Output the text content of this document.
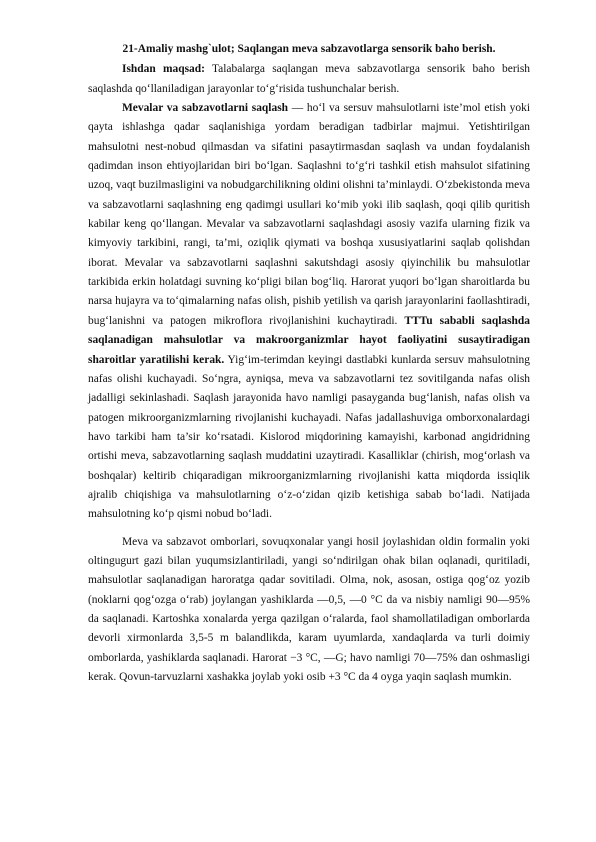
21-Amaliy mashg`ulot; Saqlangan meva sabzavotlarga sensorik baho berish.

Ishdan maqsad: Talabalarga saqlangan meva sabzavotlarga sensorik baho berish saqlashda qo‘llaniladigan jarayonlar to‘g‘risida tushunchalar berish.

Mevalar va sabzavotlarni saqlash — ho‘l va sersuv mahsulotlarni iste’mol etish yoki qayta ishlashga qadar saqlanishiga yordam beradigan tadbirlar majmui. Yetishtirilgan mahsulotni nest-nobud qilmasdan va sifatini pasaytirmasdan saqlash va undan foydalanish qadimdan inson ehtiyojlaridan biri bo‘lgan. Saqlashni to‘g‘ri tashkil etish mahsulot sifatining uzoq, vaqt buzilmasligini va nobudgarchilikning oldini olishni ta’minlaydi. O‘zbekistonda meva va sabzavotlarni saqlashning eng qadimgi usullari ko‘mib yoki ilib saqlash, qoqi qilib quritish kabilar keng qo‘llangan. Mevalar va sabzavotlarni saqlashdagi asosiy vazifa ularning fizik va kimyoviy tarkibini, rangi, ta’mi, oziqlik qiymati va boshqa xususiyatlarini saqlab qolishdan iborat. Mevalar va sabzavotlarni saqlashni sakutshdagi asosiy qiyinchilik bu mahsulotlar tarkibida erkin holatdagi suvning ko‘pligi bilan bog‘liq. Harorat yuqori bo‘lgan sharoitlarda bu narsa hujayra va to‘qimalarning nafas olish, pishib yetilish va qarish jarayonlarini faollashtiradi, bug‘lanishni va patogen mikroflora rivojlanishini kuchaytiradi. TTTu sababli saqlashda saqlanadigan mahsulotlar va makroorganizmlar hayot faoliyatini susaytiradigan sharoitlar yaratilishi kerak. Yig‘im-terimdan keyingi dastlabki kunlarda sersuv mahsulotning nafas olishi kuchayadi. So‘ngra, ayniqsa, meva va sabzavotlarni tez sovitilganda nafas olish jadalligi sekinlashadi. Saqlash jarayonida havo namligi pasayganda bug‘lanish, nafas olish va patogen mikroorganizmlarning rivojlanishi kuchayadi. Nafas jadallashuviga omborxonalardagi havo tarkibi ham ta’sir ko‘rsatadi. Kislorod miqdorining kamayishi, karbonad angidridning ortishi meva, sabzavotlarning saqlash muddatini uzaytiradi. Kasalliklar (chirish, mog‘orlash va boshqalar) keltirib chiqaradigan mikroorganizmlarning rivojlanishi katta miqdorda issiqlik ajralib chiqishiga va mahsulotlarning o‘z-o‘zidan qizib ketishiga sabab bo‘ladi. Natijada mahsulotning ko‘p qismi nobud bo‘ladi.

Meva va sabzavot omborlari, sovuqxonalar yangi hosil joylashidan oldin formalin yoki oltingugurt gazi bilan yuqumsizlantiriladi, yangi so‘ndirilgan ohak bilan oqlanadi, quritiladi, mahsulotlar saqlanadigan haroratga qadar sovitiladi. Olma, nok, asosan, ostiga qog‘oz yozib (noklarni qog‘ozga o‘rab) joylangan yashiklarda —0,5, —0 °C da va nisbiy namligi 90—95% da saqlanadi. Kartoshka xonalarda yerga qazilgan o‘ralarda, faol shamollatiladigan omborlarda devorli xirmonlarda 3,5-5 m balandlikda, karam uyumlarda, xandaqlarda va turli doimiy omborlarda, yashiklarda saqlanadi. Harorat −3 °C, —G; havo namligi 70—75% dan oshmasligi kerak. Qovun-tarvuzlarni xashakka joylab yoki osib +3 °C da 4 oyga yaqin saqlash mumkin.
